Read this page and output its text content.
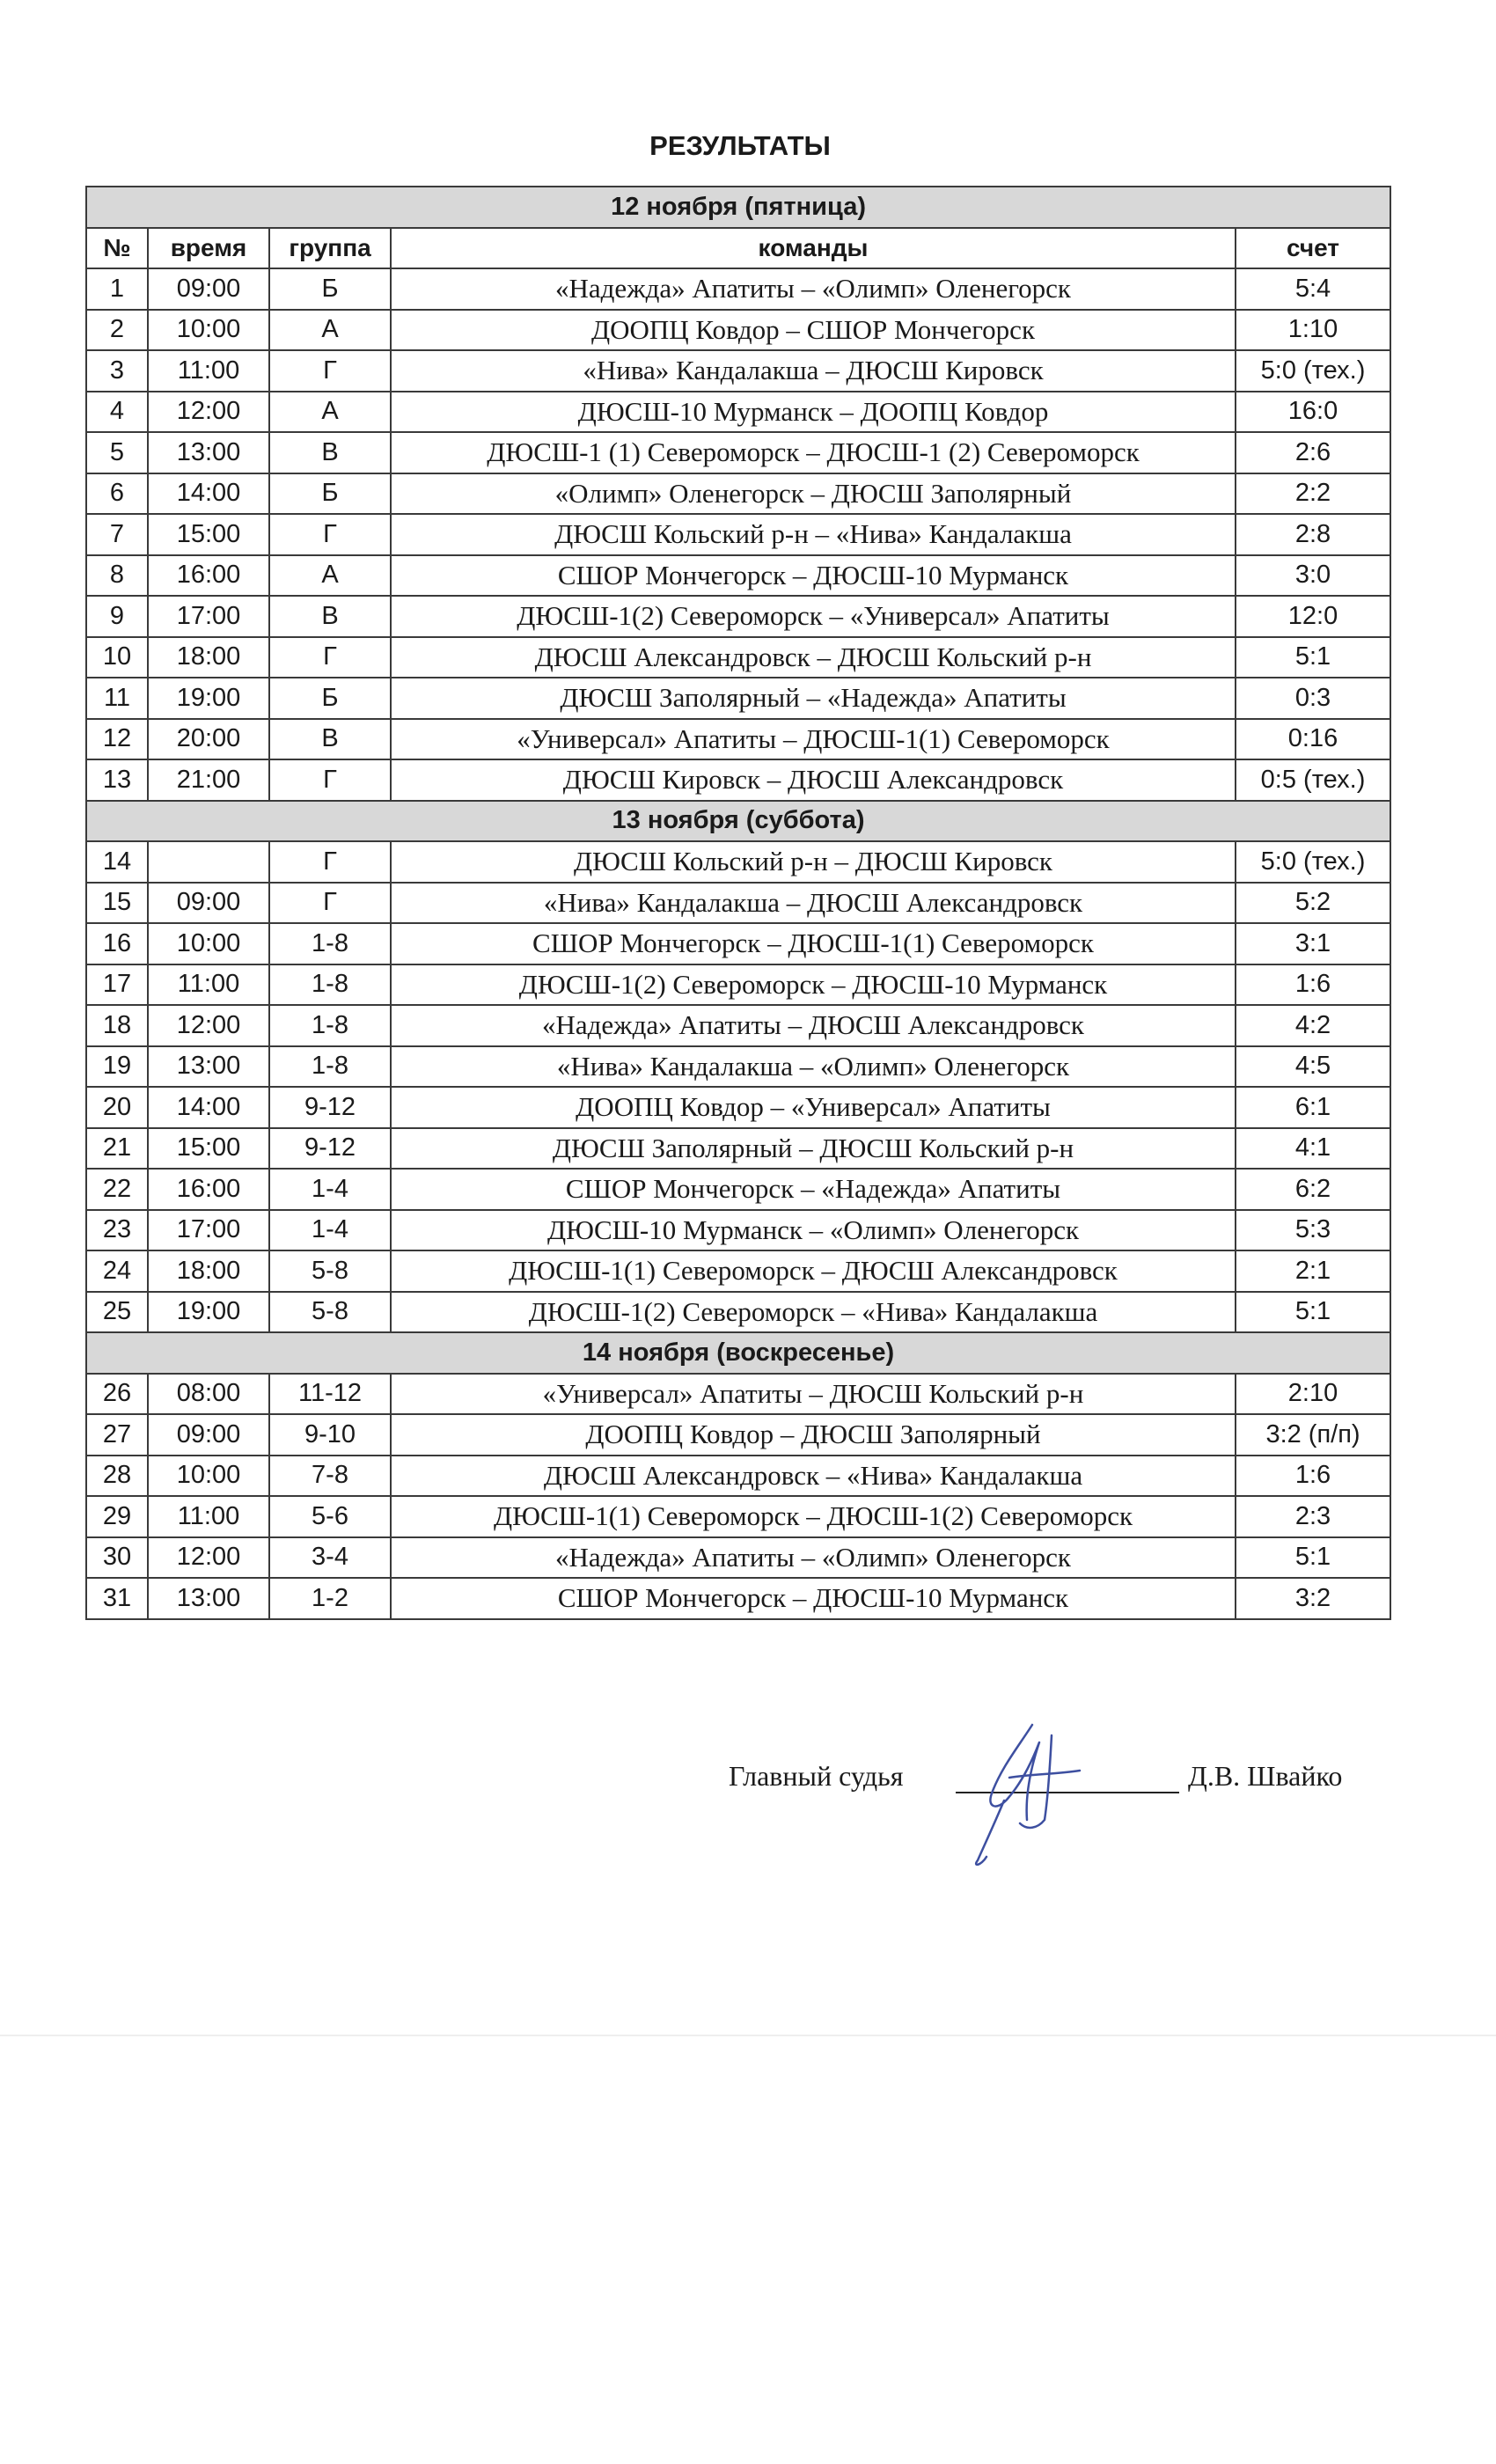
РЕЗУЛЬТАТЫ
12 ноября (пятница)				
№	время	группа	команды	счет
1	09:00	Б	«Надежда» Апатиты – «Олимп» Оленегорск	5:4
2	10:00	А	ДООПЦ Ковдор – СШОР Мончегорск	1:10
3	11:00	Г	«Нива» Кандалакша – ДЮСШ Кировск	5:0 (тех.)
4	12:00	А	ДЮСШ-10 Мурманск – ДООПЦ Ковдор	16:0
5	13:00	В	ДЮСШ-1 (1) Североморск – ДЮСШ-1 (2) Североморск	2:6
6	14:00	Б	«Олимп» Оленегорск – ДЮСШ Заполярный	2:2
7	15:00	Г	ДЮСШ Кольский р-н – «Нива» Кандалакша	2:8
8	16:00	А	СШОР Мончегорск – ДЮСШ-10 Мурманск	3:0
9	17:00	В	ДЮСШ-1(2) Североморск – «Универсал» Апатиты	12:0
10	18:00	Г	ДЮСШ Александровск – ДЮСШ Кольский р-н	5:1
11	19:00	Б	ДЮСШ Заполярный – «Надежда» Апатиты	0:3
12	20:00	В	«Универсал» Апатиты – ДЮСШ-1(1) Североморск	0:16
13	21:00	Г	ДЮСШ Кировск – ДЮСШ Александровск	0:5 (тех.)
13 ноября (суббота)				
14		Г	ДЮСШ Кольский р-н – ДЮСШ Кировск	5:0 (тех.)
15	09:00	Г	«Нива» Кандалакша – ДЮСШ Александровск	5:2
16	10:00	1-8	СШОР Мончегорск – ДЮСШ-1(1) Североморск	3:1
17	11:00	1-8	ДЮСШ-1(2) Североморск – ДЮСШ-10 Мурманск	1:6
18	12:00	1-8	«Надежда» Апатиты – ДЮСШ Александровск	4:2
19	13:00	1-8	«Нива» Кандалакша – «Олимп» Оленегорск	4:5
20	14:00	9-12	ДООПЦ Ковдор – «Универсал» Апатиты	6:1
21	15:00	9-12	ДЮСШ Заполярный – ДЮСШ Кольский р-н	4:1
22	16:00	1-4	СШОР Мончегорск – «Надежда» Апатиты	6:2
23	17:00	1-4	ДЮСШ-10 Мурманск – «Олимп» Оленегорск	5:3
24	18:00	5-8	ДЮСШ-1(1) Североморск – ДЮСШ Александровск	2:1
25	19:00	5-8	ДЮСШ-1(2) Североморск – «Нива» Кандалакша	5:1
14 ноября (воскресенье)				
26	08:00	11-12	«Универсал» Апатиты – ДЮСШ Кольский р-н	2:10
27	09:00	9-10	ДООПЦ Ковдор – ДЮСШ Заполярный	3:2 (п/п)
28	10:00	7-8	ДЮСШ Александровск – «Нива» Кандалакша	1:6
29	11:00	5-6	ДЮСШ-1(1) Североморск – ДЮСШ-1(2) Североморск	2:3
30	12:00	3-4	«Надежда» Апатиты – «Олимп» Оленегорск	5:1
31	13:00	1-2	СШОР Мончегорск – ДЮСШ-10 Мурманск	3:2
Главный судья	Д.В. Швайко
